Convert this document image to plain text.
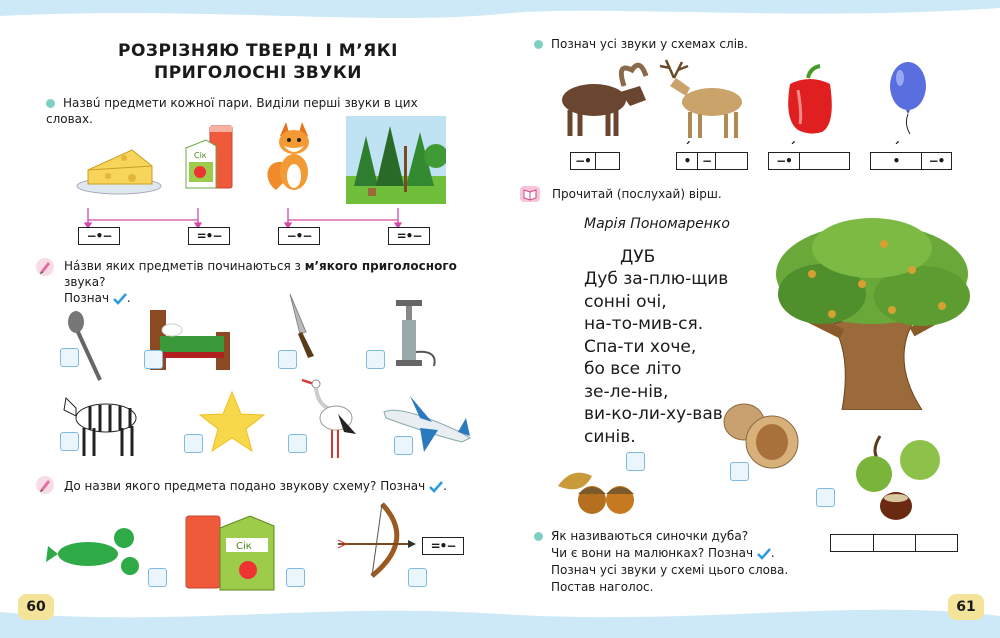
РОЗРІЗНЯЮ ТВЕРДІ І М’ЯКІ
ПРИГОЛОСНІ ЗВУКИ
Назвú предмети кожної пари. Виділи перші звуки в цих словах.
Сік
−•−	=•−	−•−	=•−
Нáзви яких предметів починаються з м’якого приголосного звука?
Познач .
До назви якого предмета подано звукову схему? Познач .
Сік	=•−
60
Познач усі звуки у схемах слів.
−•	•
´
−	−•
´
•
´
−•
Прочитай (послухай) вірш.
Марія Пономаренко
ДУБ
Дуб за-плю-щив
сонні очі,
на-то-мив-ся.
Спа-ти хоче,
бо все літо
зе-ле-нів,
ви-ко-ли-ху-вав
синів.
Як називаються синочки дуба?
Чи є вони на малюнках? Познач .
Познач усі звуки у схемі цього слова.
Постав наголос.
61
